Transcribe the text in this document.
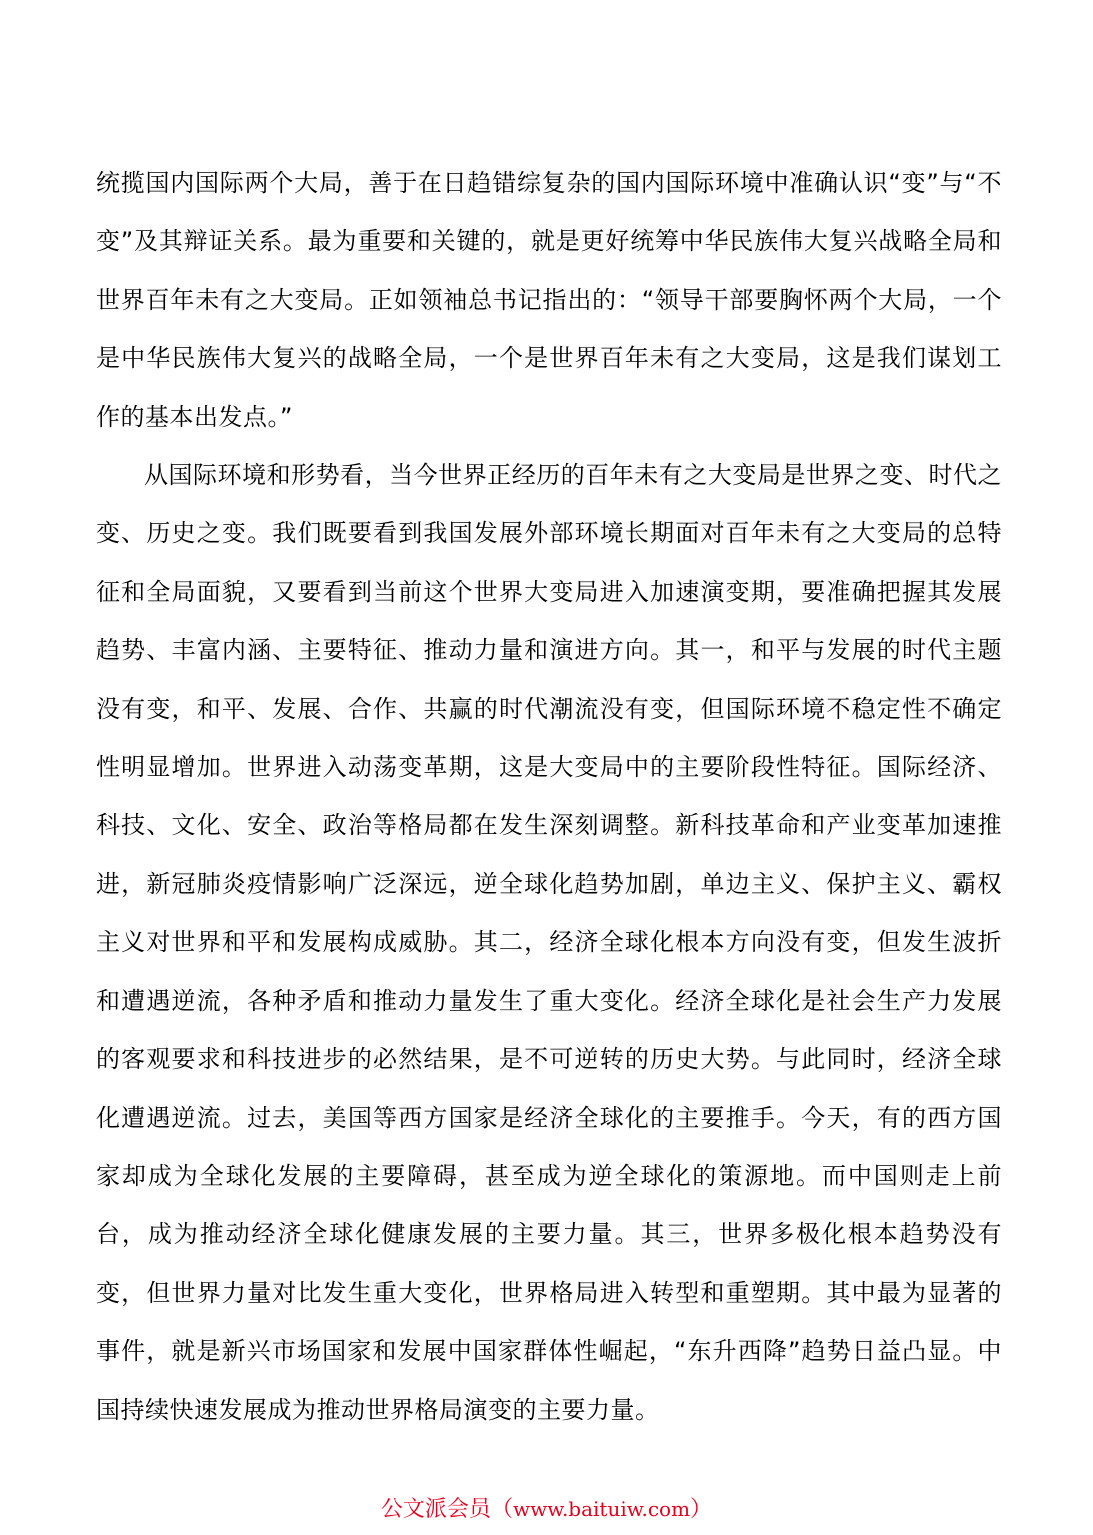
统揽国内国际两个大局，善于在日趋错综复杂的国内国际环境中准确认识“变”与“不变”及其辩证关系。最为重要和关键的，就是更好统筹中华民族伟大复兴战略全局和世界百年未有之大变局。正如领袖总书记指出的：“领导干部要胸怀两个大局，一个是中华民族伟大复兴的战略全局，一个是世界百年未有之大变局，这是我们谋划工作的基本出发点。”

从国际环境和形势看，当今世界正经历的百年未有之大变局是世界之变、时代之变、历史之变。我们既要看到我国发展外部环境长期面对百年未有之大变局的总特征和全局面貌，又要看到当前这个世界大变局进入加速演变期，要准确把握其发展趋势、丰富内涵、主要特征、推动力量和演进方向。其一，和平与发展的时代主题没有变，和平、发展、合作、共赢的时代潮流没有变，但国际环境不稳定性不确定性明显增加。世界进入动荡变革期，这是大变局中的主要阶段性特征。国际经济、科技、文化、安全、政治等格局都在发生深刻调整。新科技革命和产业变革加速推进，新冠肺炎疫情影响广泛深远，逆全球化趋势加剧，单边主义、保护主义、霸权主义对世界和平和发展构成威胁。其二，经济全球化根本方向没有变，但发生波折和遭遇逆流，各种矛盾和推动力量发生了重大变化。经济全球化是社会生产力发展的客观要求和科技进步的必然结果，是不可逆转的历史大势。与此同时，经济全球化遭遇逆流。过去，美国等西方国家是经济全球化的主要推手。今天，有的西方国家却成为全球化发展的主要障碍，甚至成为逆全球化的策源地。而中国则走上前台，成为推动经济全球化健康发展的主要力量。其三，世界多极化根本趋势没有变，但世界力量对比发生重大变化，世界格局进入转型和重塑期。其中最为显著的事件，就是新兴市场国家和发展中国家群体性崛起，“东升西降”趋势日益凸显。中国持续快速发展成为推动世界格局演变的主要力量。

公文派会员（www.baituiw.com）
